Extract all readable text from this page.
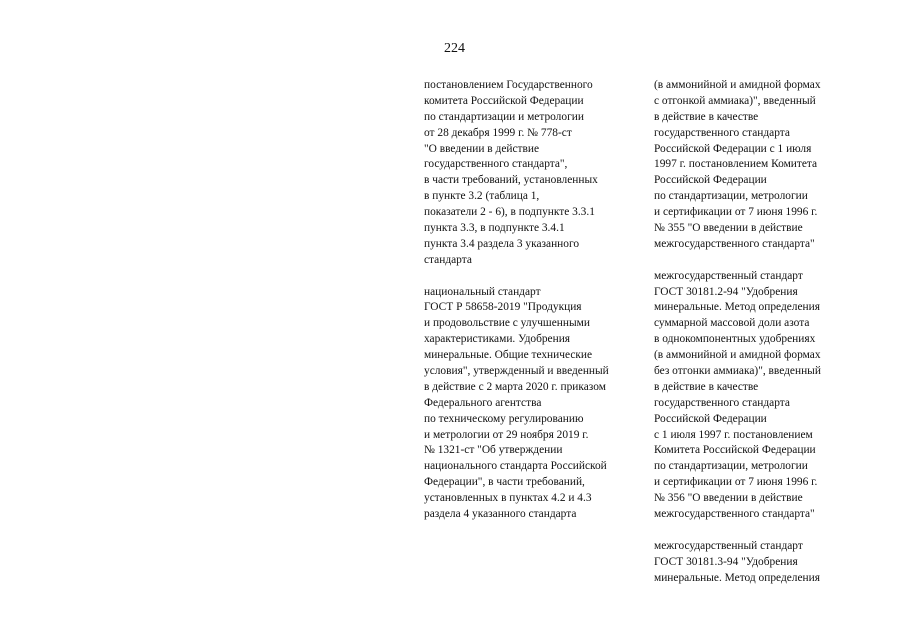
224
постановлением Государственного
комитета Российской Федерации
по стандартизации и метрологии
от 28 декабря 1999 г. № 778-ст
"О введении в действие
государственного стандарта",
в части требований, установленных
в пункте 3.2 (таблица 1,
показатели 2 - 6), в подпункте 3.3.1
пункта 3.3, в подпункте 3.4.1
пункта 3.4 раздела 3 указанного
стандарта
национальный стандарт
ГОСТ Р 58658-2019 "Продукция
и продовольствие с улучшенными
характеристиками. Удобрения
минеральные. Общие технические
условия", утвержденный и введенный
в действие с 2 марта 2020 г. приказом
Федерального агентства
по техническому регулированию
и метрологии от 29 ноября 2019 г.
№ 1321-ст "Об утверждении
национального стандарта Российской
Федерации", в части требований,
установленных в пунктах 4.2 и 4.3
раздела 4 указанного стандарта
(в аммонийной и амидной формах
с отгонкой аммиака)", введенный
в действие в качестве
государственного стандарта
Российской Федерации с 1 июля
1997 г. постановлением Комитета
Российской Федерации
по стандартизации, метрологии
и сертификации от 7 июня 1996 г.
№ 355 "О введении в действие
межгосударственного стандарта"
межгосударственный стандарт
ГОСТ 30181.2-94 "Удобрения
минеральные. Метод определения
суммарной массовой доли азота
в однокомпонентных удобрениях
(в аммонийной и амидной формах
без отгонки аммиака)", введенный
в действие в качестве
государственного стандарта
Российской Федерации
с 1 июля 1997 г. постановлением
Комитета Российской Федерации
по стандартизации, метрологии
и сертификации от 7 июня 1996 г.
№ 356 "О введении в действие
межгосударственного стандарта"
межгосударственный стандарт
ГОСТ 30181.3-94 "Удобрения
минеральные. Метод определения
